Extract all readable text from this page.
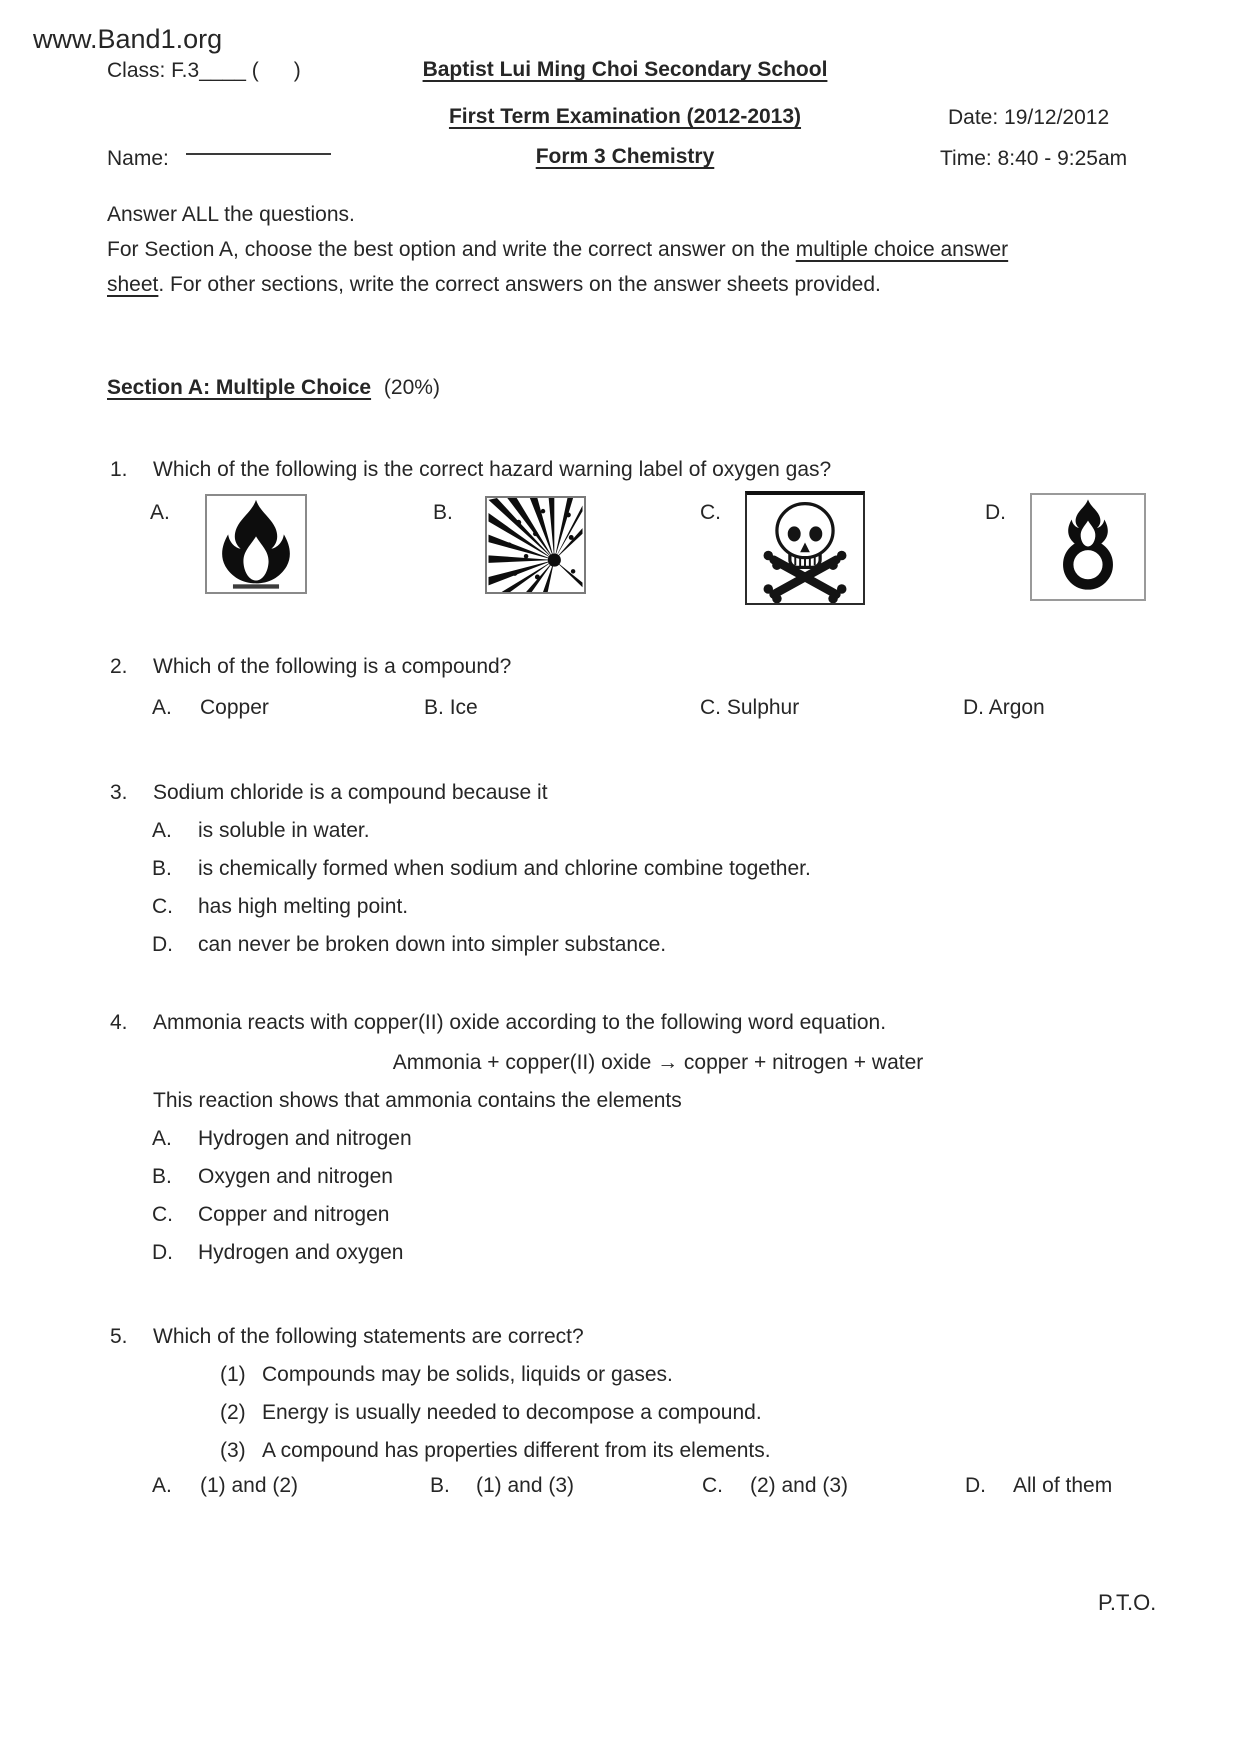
www.Band1.org
Class: F.3____ (      )	Baptist Lui Ming Choi Secondary School
First Term Examination (2012-2013)	Date: 19/12/2012
Name:	Form 3 Chemistry	Time: 8:40 - 9:25am
Answer ALL the questions.
For Section A, choose the best option and write the correct answer on the multiple choice answer
sheet. For other sections, write the correct answers on the answer sheets provided.
Section A: Multiple Choice (20%)
1. Which of the following is the correct hazard warning label of oxygen gas?
A.	B.	C.	D.
2. Which of the following is a compound?
A. Copper	B. Ice	C. Sulphur	D. Argon
3. Sodium chloride is a compound because it
A. is soluble in water.
B. is chemically formed when sodium and chlorine combine together.
C. has high melting point.
D. can never be broken down into simpler substance.
4. Ammonia reacts with copper(II) oxide according to the following word equation.
Ammonia + copper(II) oxide → copper + nitrogen + water
This reaction shows that ammonia contains the elements
A. Hydrogen and nitrogen
B. Oxygen and nitrogen
C. Copper and nitrogen
D. Hydrogen and oxygen
5. Which of the following statements are correct?
(1) Compounds may be solids, liquids or gases.
(2) Energy is usually needed to decompose a compound.
(3) A compound has properties different from its elements.
A. (1) and (2)	B. (1) and (3)	C. (2) and (3)	D. All of them
P.T.O.
